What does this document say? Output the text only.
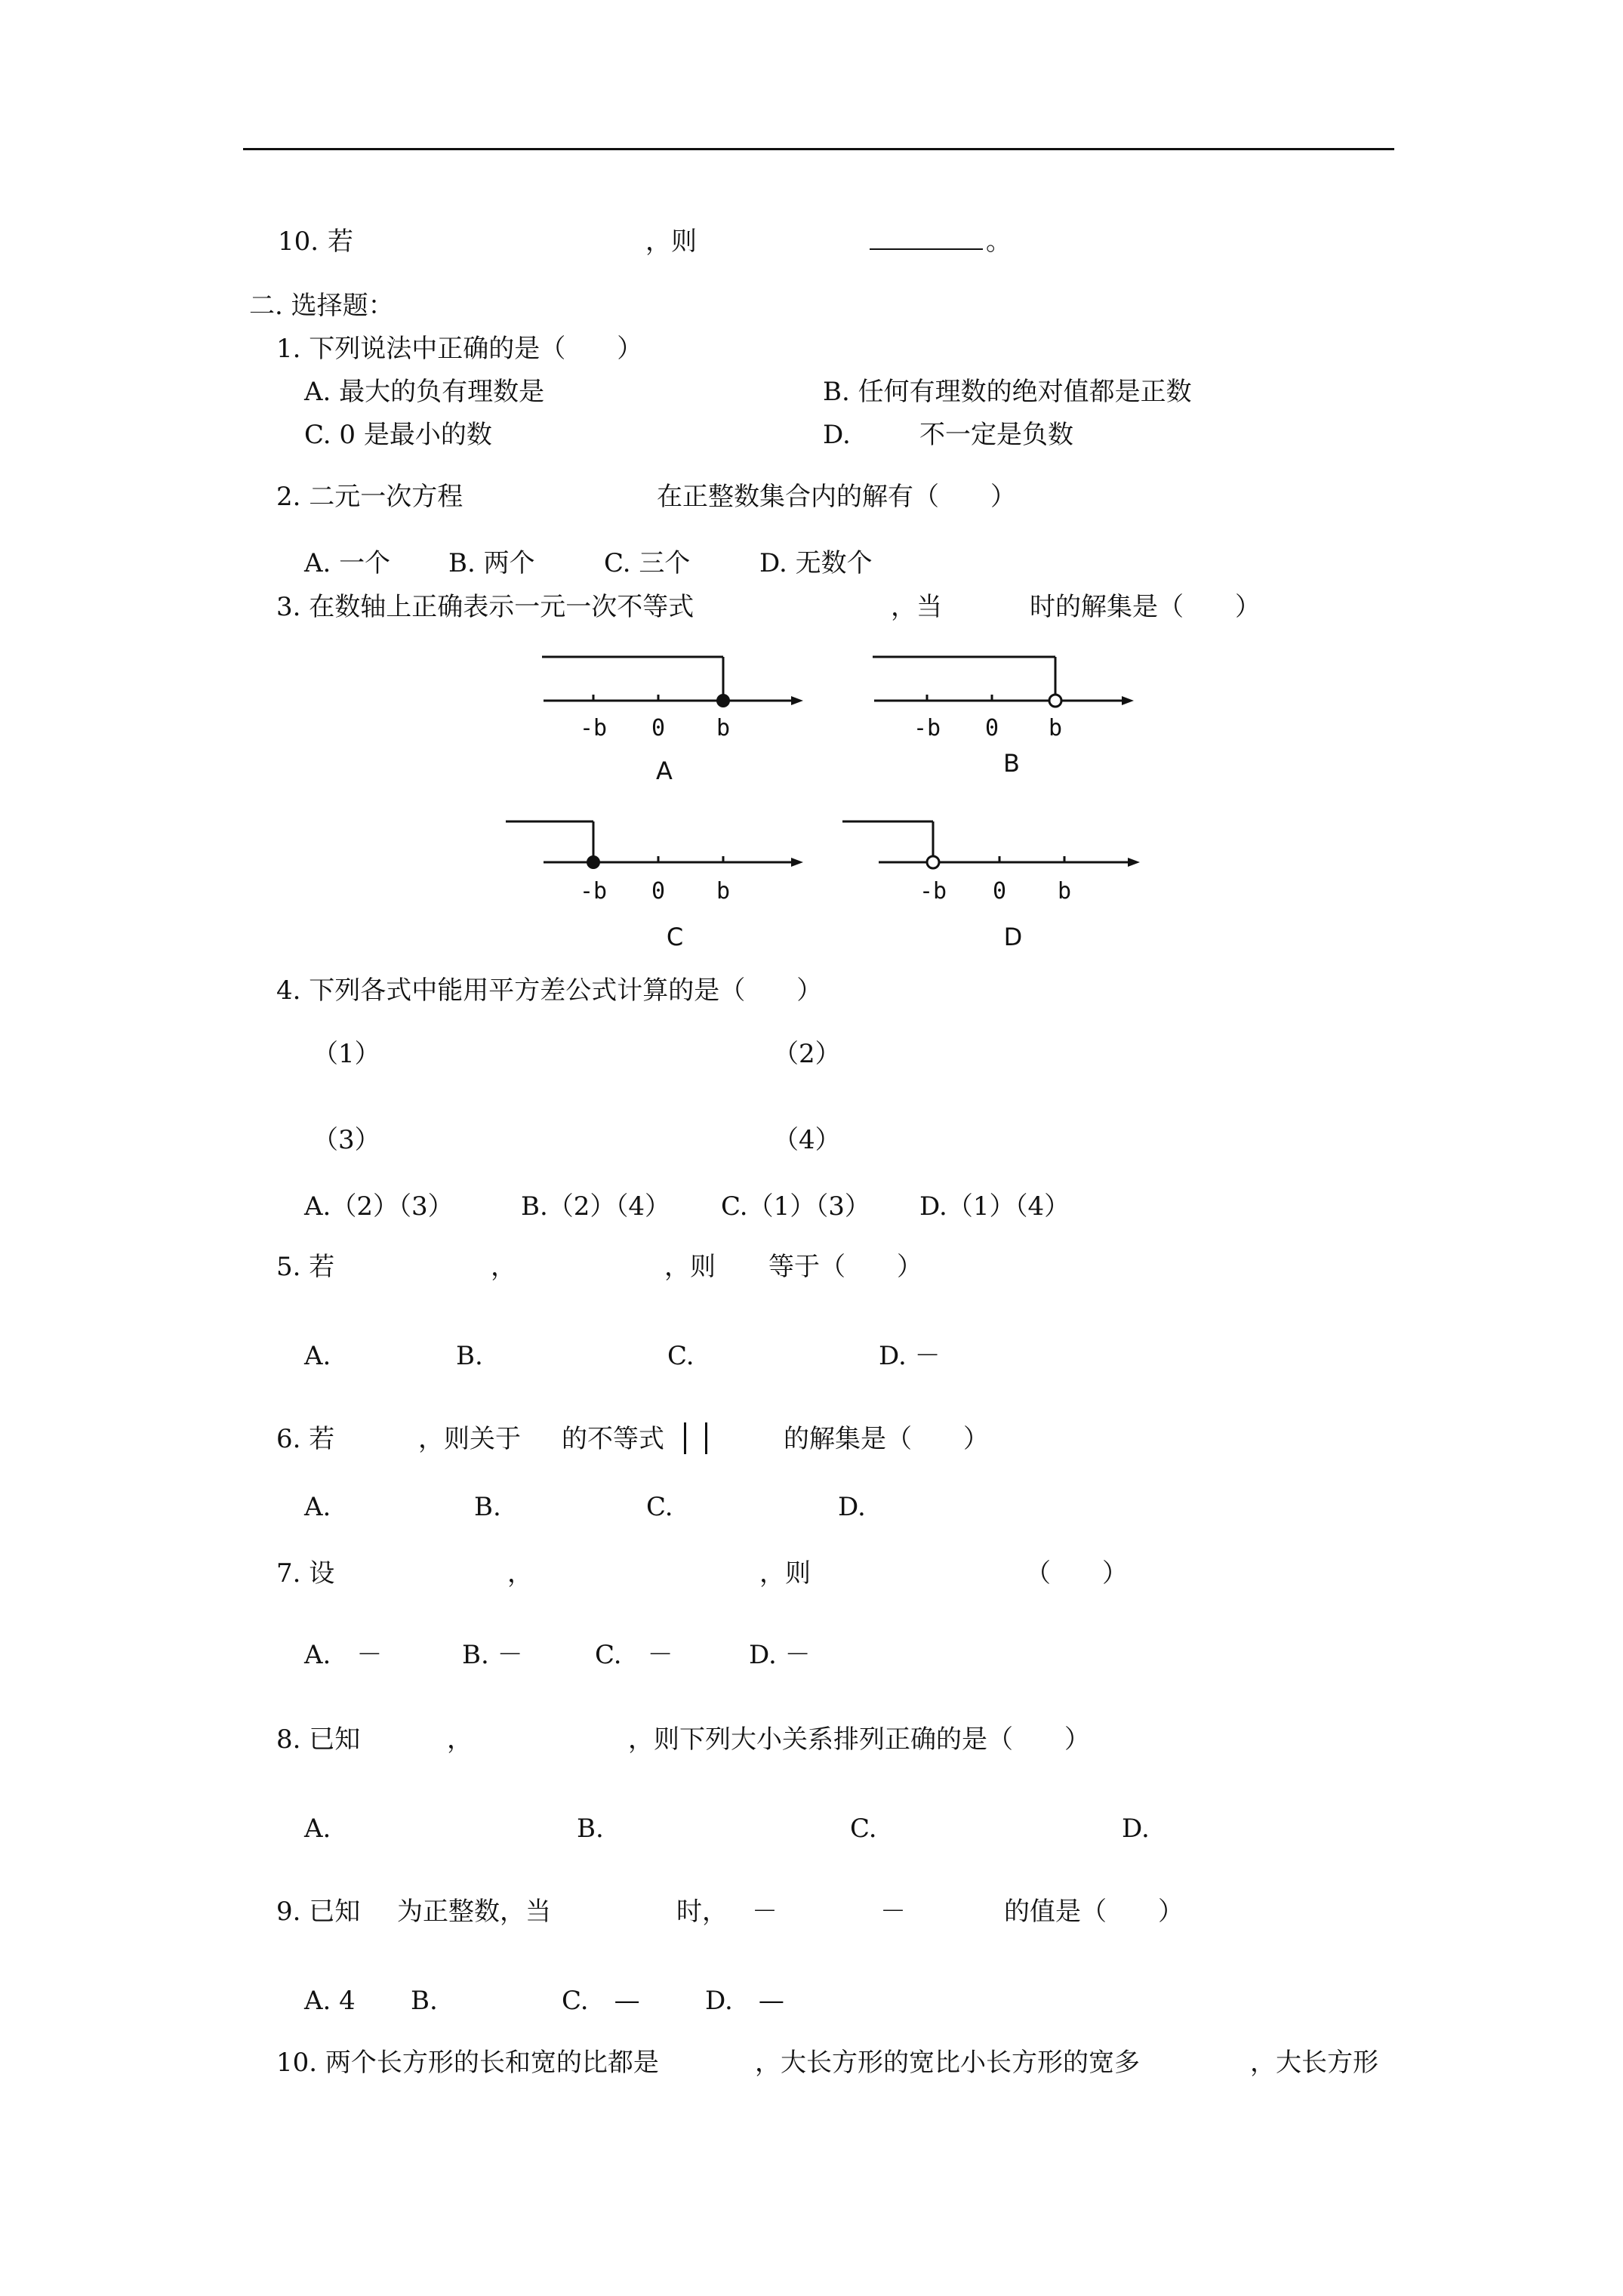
10. 若	，则	。
二. 选择题：
1. 下列说法中正确的是（　　）
A. 最大的负有理数是	B. 任何有理数的绝对值都是正数
C. 0 是最小的数	D.	不一定是负数
2. 二元一次方程	在正整数集合内的解有（　　）
A. 一个 B. 两个	C. 三个	D. 无数个
3. 在数轴上正确表示一元一次不等式	，当	时的解集是（　　）
-b 0 b
A
-b 0 b
B
-b 0 b
C
-b 0 b
D
4. 下列各式中能用平方差公式计算的是（　　）
（1）	（2）
（3）	（4）
A.（2）（3）	B.（2）（4） C.（1）（3） D.（1）（4）
5. 若	，	，则 等于（　　）
A.	B.	C.	D. －
6. 若	，则关于 的不等式	的解集是（　　）
A.	B.	C.	D.
7. 设	，	，则	（　　）
A.　－	B. －	C.　－	D. －
8. 已知	，	，则下列大小关系排列正确的是（　　）
A.	B.	C.	D.
9. 已知 为正整数，当	时， －	－	的值是（　　）
A. 4 B.	C.　—	D.　—
10. 两个长方形的长和宽的比都是	，大长方形的宽比小长方形的宽多	，大长方形
